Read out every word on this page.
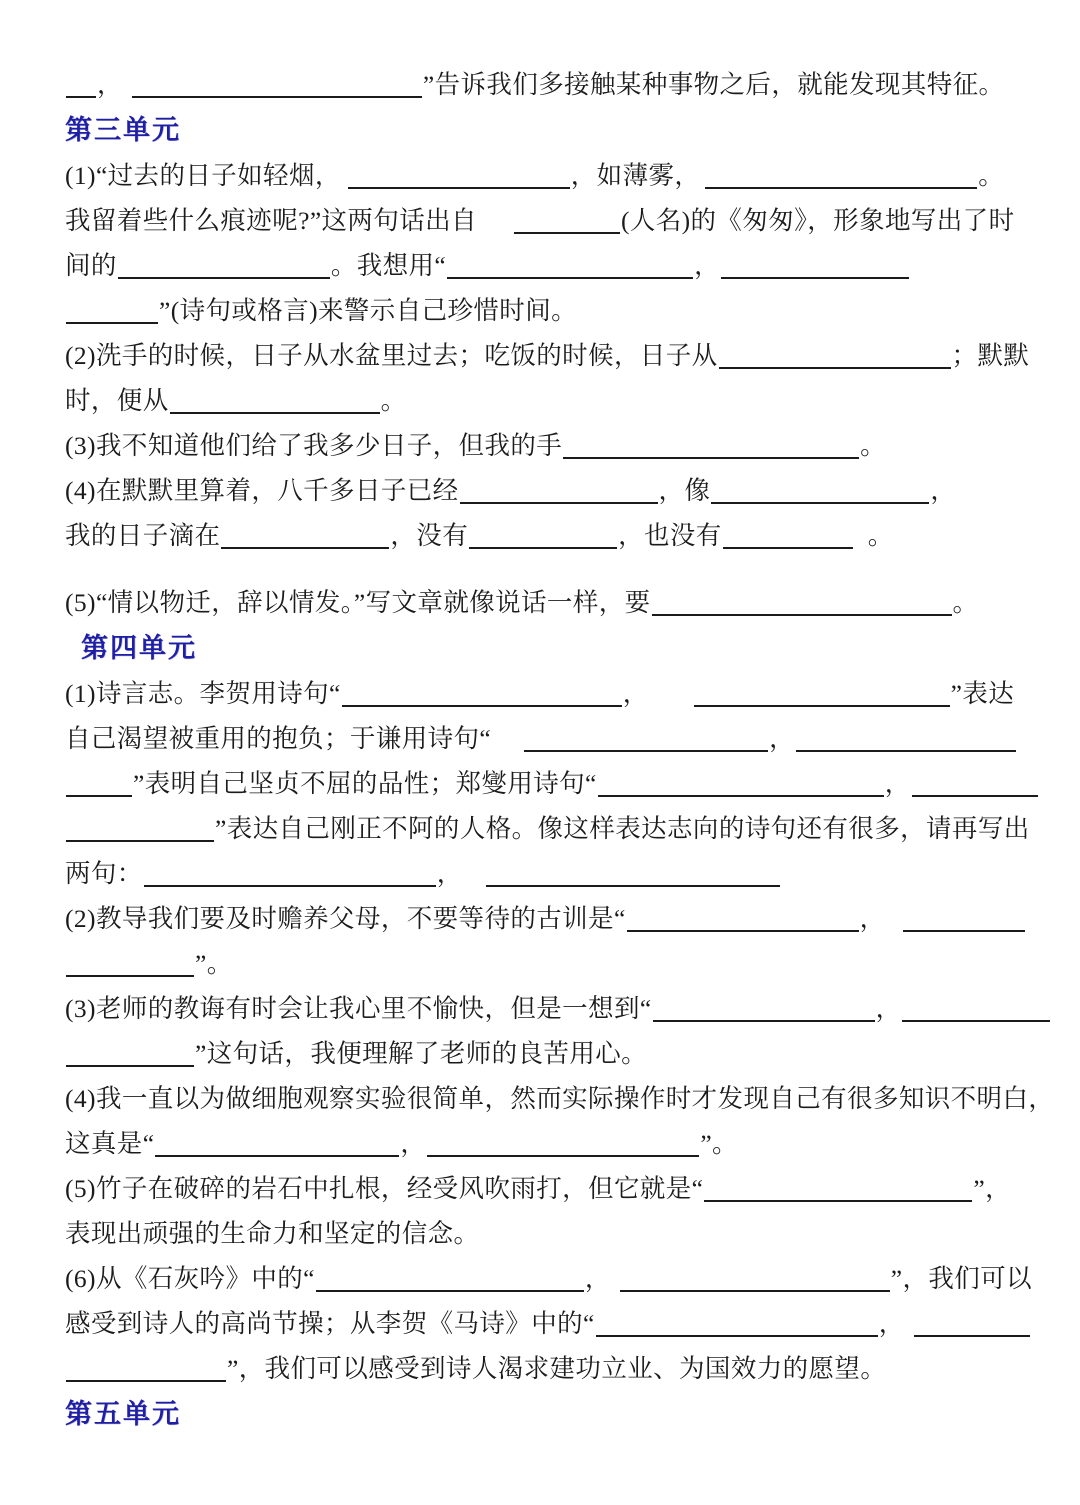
，	”告诉我们多接触某种事物之后，就能发现其特征。
第三单元
(1)“过去的日子如轻烟，	，如薄雾，	。
我留着些什么痕迹呢?”这两句话出自	(人名)的《匆匆》，形象地写出了时
间的	。我想用“	，
”(诗句或格言)来警示自己珍惜时间。
(2)洗手的时候，日子从水盆里过去；吃饭的时候，日子从	；默默
时，便从	。
(3)我不知道他们给了我多少日子，但我的手	。
(4)在默默里算着，八千多日子已经	，像	，
我的日子滴在	，没有	，也没有	。
(5)“情以物迁，辞以情发。”写文章就像说话一样，要	。
第四单元
(1)诗言志。李贺用诗句“	，	”表达
自己渴望被重用的抱负；于谦用诗句“	，
”表明自己坚贞不屈的品性；郑燮用诗句“	，
”表达自己刚正不阿的人格。像这样表达志向的诗句还有很多，请再写出
两句：	，
(2)教导我们要及时赡养父母，不要等待的古训是“	，
”。
(3)老师的教诲有时会让我心里不愉快，但是一想到“	，
”这句话，我便理解了老师的良苦用心。
(4)我一直以为做细胞观察实验很简单，然而实际操作时才发现自己有很多知识不明白，
这真是“	，	”。
(5)竹子在破碎的岩石中扎根，经受风吹雨打，但它就是“	”，
表现出顽强的生命力和坚定的信念。
(6)从《石灰吟》中的“	，	”，我们可以
感受到诗人的高尚节操；从李贺《马诗》中的“	，
”，我们可以感受到诗人渴求建功立业、为国效力的愿望。
第五单元
